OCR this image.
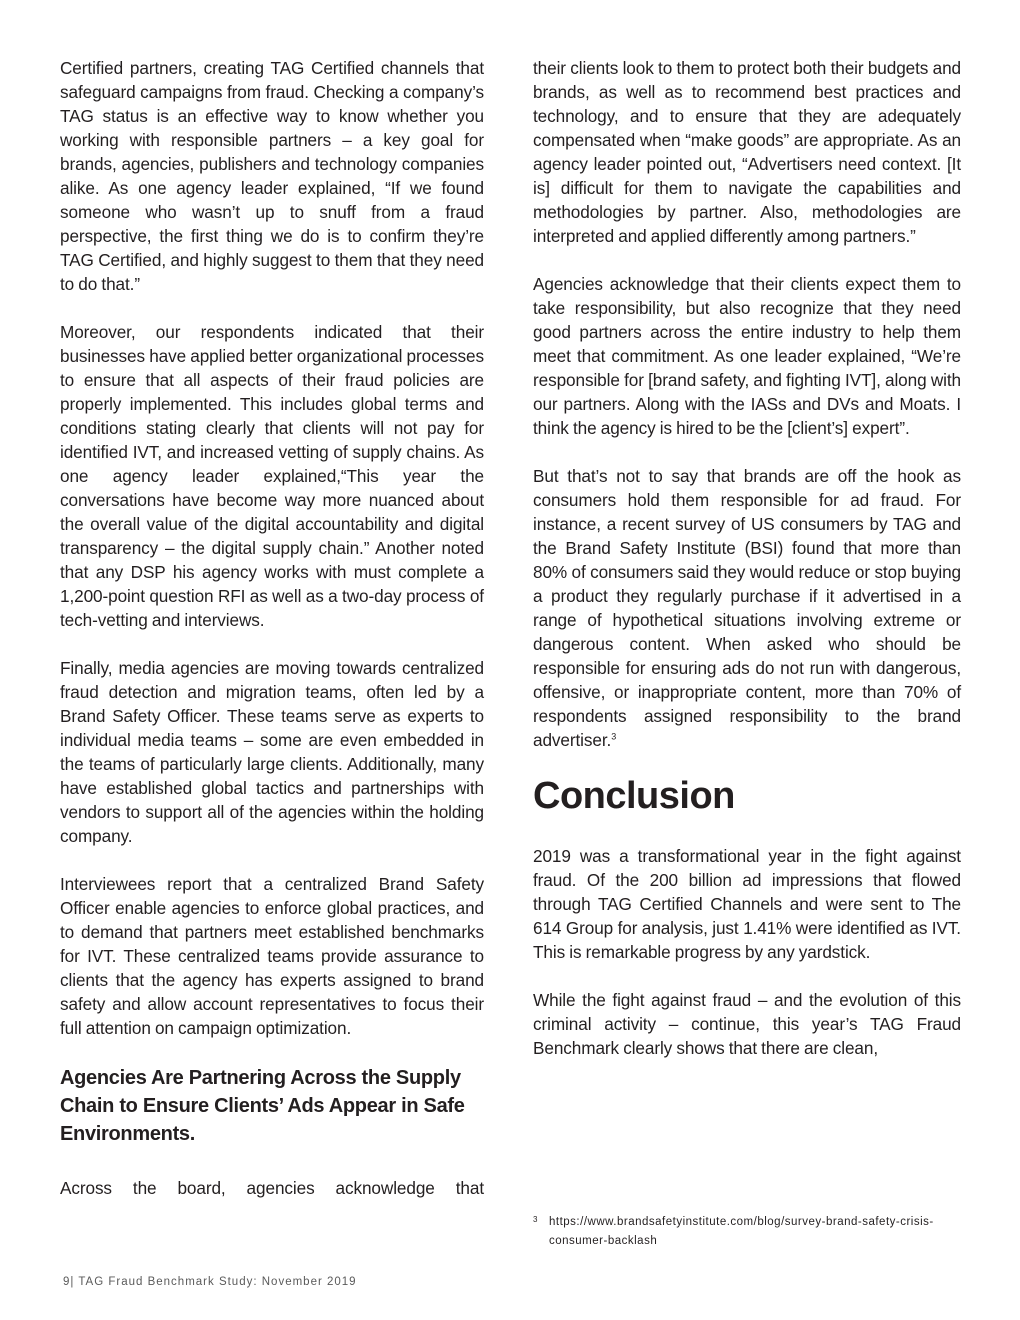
Certified partners, creating TAG Certified channels that safeguard campaigns from fraud. Checking a company’s TAG status is an effective way to know whether you working with responsible partners – a key goal for brands, agencies, publishers and technology companies alike. As one agency leader explained, “If we found someone who wasn’t up to snuff from a fraud perspective, the first thing we do is to confirm they’re TAG Certified, and highly suggest to them that they need to do that.”

Moreover, our respondents indicated that their businesses have applied better organizational processes to ensure that all aspects of their fraud policies are properly implemented. This includes global terms and conditions stating clearly that clients will not pay for identified IVT, and increased vetting of supply chains. As one agency leader explained,“This year the conversations have become way more nuanced about the overall value of the digital accountability and digital transparency – the digital supply chain.” Another noted that any DSP his agency works with must complete a 1,200-point question RFI as well as a two-day process of tech-vetting and interviews.

Finally, media agencies are moving towards centralized fraud detection and migration teams, often led by a Brand Safety Officer. These teams serve as experts to individual media teams – some are even embedded in the teams of particularly large clients. Additionally, many have established global tactics and partnerships with vendors to support all of the agencies within the holding company.

Interviewees report that a centralized Brand Safety Officer enable agencies to enforce global practices, and to demand that partners meet established benchmarks for IVT. These centralized teams provide assurance to clients that the agency has experts assigned to brand safety and allow account representatives to focus their full attention on campaign optimization.

Agencies Are Partnering Across the Supply Chain to Ensure Clients’ Ads Appear in Safe Environments.

Across the board, agencies acknowledge that

their clients look to them to protect both their budgets and brands, as well as to recommend best practices and technology, and to ensure that they are adequately compensated when “make goods” are appropriate. As an agency leader pointed out, “Advertisers need context. [It is] difficult for them to navigate the capabilities and methodologies by partner. Also, methodologies are interpreted and applied differently among partners.”

Agencies acknowledge that their clients expect them to take responsibility, but also recognize that they need good partners across the entire industry to help them meet that commitment. As one leader explained, “We’re responsible for [brand safety, and fighting IVT], along with our partners. Along with the IASs and DVs and Moats. I think the agency is hired to be the [client’s] expert”.

But that’s not to say that brands are off the hook as consumers hold them responsible for ad fraud. For instance, a recent survey of US consumers by TAG and the Brand Safety Institute (BSI) found that more than 80% of consumers said they would reduce or stop buying a product they regularly purchase if it advertised in a range of hypothetical situations involving extreme or dangerous content. When asked who should be responsible for ensuring ads do not run with dangerous, offensive, or inappropriate content, more than 70% of respondents assigned responsibility to the brand advertiser.$^3$

Conclusion

2019 was a transformational year in the fight against fraud. Of the 200 billion ad impressions that flowed through TAG Certified Channels and were sent to The 614 Group for analysis, just 1.41% were identified as IVT. This is remarkable progress by any yardstick.

While the fight against fraud – and the evolution of this criminal activity – continue, this year’s TAG Fraud Benchmark clearly shows that there are clean,

3 https://www.brandsafetyinstitute.com/blog/survey-brand-safety-crisis-consumer-backlash
9| TAG Fraud Benchmark Study: November 2019
